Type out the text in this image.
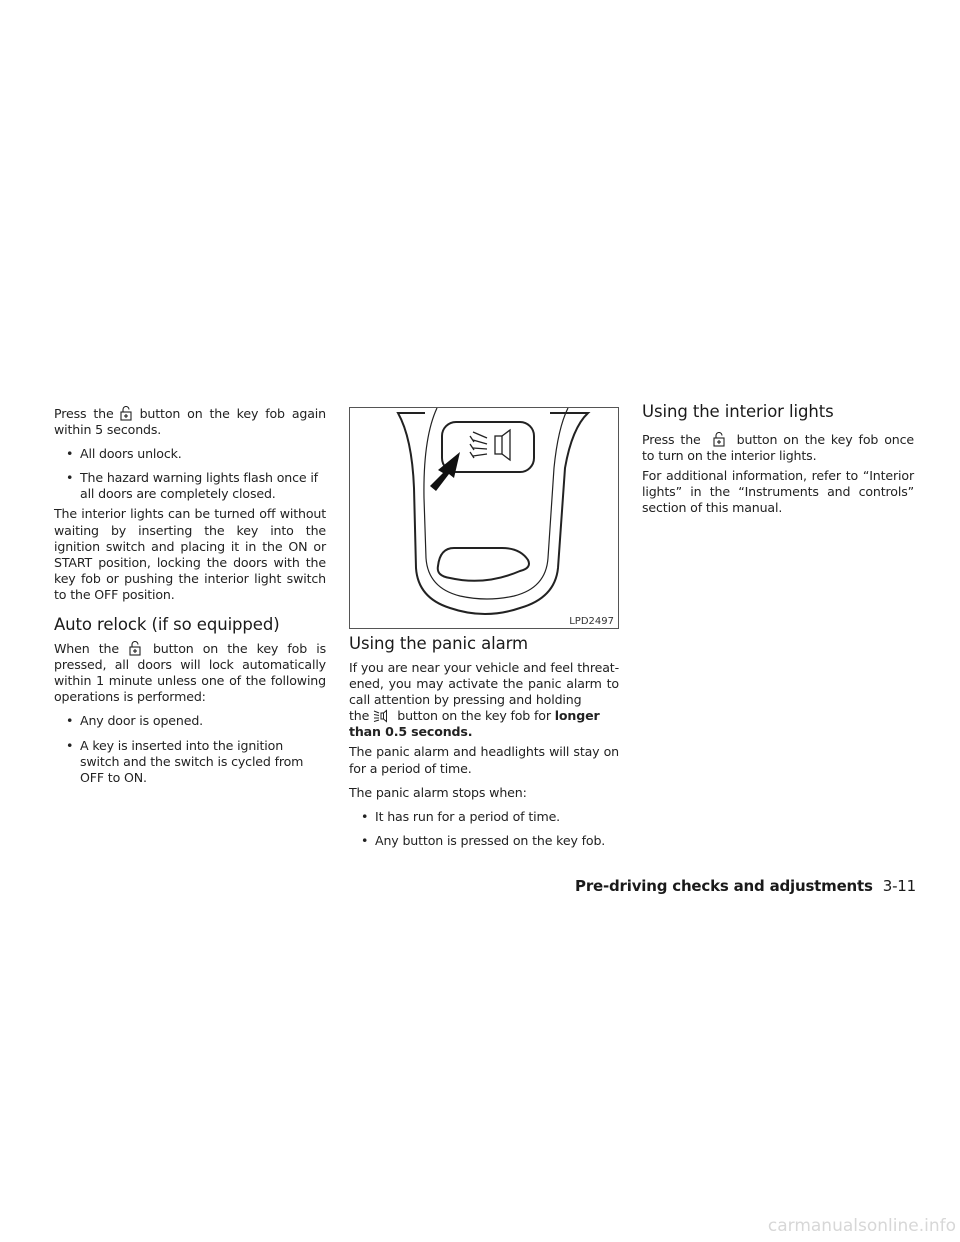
Press the button on the key fob again within 5 seconds.

• All doors unlock.
• The hazard warning lights flash once if all doors are completely closed.

The interior lights can be turned off without waiting by inserting the key into the ignition switch and placing it in the ON or START position, locking the doors with the key fob or pushing the interior light switch to the OFF position.

Auto relock (if so equipped)

When the	button on the key fob is pressed, all doors will lock automatically within 1 minute unless one of the following operations is performed:

• Any door is opened.
• A key is inserted into the ignition switch and the switch is cycled from OFF to ON.
LPD2497
Using the panic alarm

If you are near your vehicle and feel threat-ened, you may activate the panic alarm to call attention by pressing and holding

the button on the key fob for longer than 0.5 seconds.

The panic alarm and headlights will stay on for a period of time.

The panic alarm stops when:

• It has run for a period of time.
• Any button is pressed on the key fob.
Using the interior lights

Press the	button on the key fob once to turn on the interior lights.

For additional information, refer to “Interior lights” in the “Instruments and controls” section of this manual.

Pre-driving checks and adjustments 3-11
carmanualsonline.info
